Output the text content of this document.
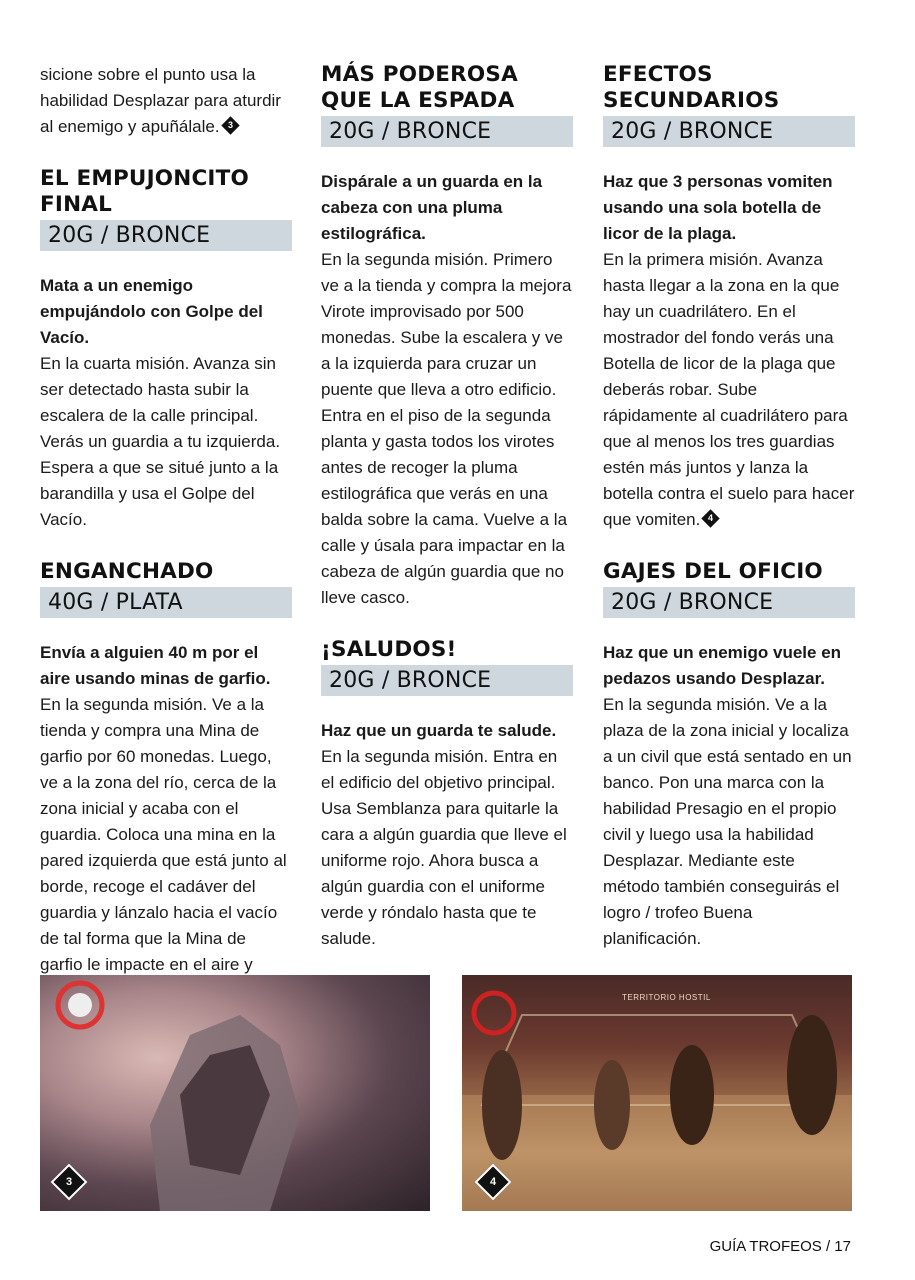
sicione sobre el punto usa la habilidad Desplazar para aturdir al enemigo y apuñálale. 3

EL EMPUJONCITO FINAL
20G / BRONCE

Mata a un enemigo empujándolo con Golpe del Vacío.

En la cuarta misión. Avanza sin ser detectado hasta subir la escalera de la calle principal. Verás un guardia a tu izquierda. Espera a que se situé junto a la barandilla y usa el Golpe del Vacío.

ENGANCHADO
40G / PLATA

Envía a alguien 40 m por el aire usando minas de garfio.

En la segunda misión. Ve a la tienda y compra una Mina de garfio por 60 monedas. Luego, ve a la zona del río, cerca de la zona inicial y acaba con el guardia. Coloca una mina en la pared izquierda que está junto al borde, recoge el cadáver del guardia y lánzalo hacia el vacío de tal forma que la Mina de garfio le impacte en el aire y

MÁS PODEROSA QUE LA ESPADA
20G / BRONCE

Dispárale a un guarda en la cabeza con una pluma estilográfica.

En la segunda misión. Primero ve a la tienda y compra la mejora Virote improvisado por 500 monedas. Sube la escalera y ve a la izquierda para cruzar un puente que lleva a otro edificio. Entra en el piso de la segunda planta y gasta todos los virotes antes de recoger la pluma estilográfica que verás en una balda sobre la cama. Vuelve a la calle y úsala para impactar en la cabeza de algún guardia que no lleve casco.

¡SALUDOS!
20G / BRONCE

Haz que un guarda te salude.

En la segunda misión. Entra en el edificio del objetivo principal. Usa Semblanza para quitarle la cara a algún guardia que lleve el uniforme rojo. Ahora busca a algún guardia con el uniforme verde y róndalo hasta que te salude.

EFECTOS SECUNDARIOS
20G / BRONCE

Haz que 3 personas vomiten usando una sola botella de licor de la plaga.

En la primera misión. Avanza hasta llegar a la zona en la que hay un cuadrilátero. En el mostrador del fondo verás una Botella de licor de la plaga que deberás robar. Sube rápidamente al cuadrilátero para que al menos los tres guardias estén más juntos y lanza la botella contra el suelo para hacer que vomiten. 4

GAJES DEL OFICIO
20G / BRONCE

Haz que un enemigo vuele en pedazos usando Desplazar.

En la segunda misión. Ve a la plaza de la zona inicial y localiza a un civil que está sentado en un banco. Pon una marca con la habilidad Presagio en el propio civil y luego usa la habilidad Desplazar. Mediante este método también conseguirás el logro / trofeo Buena planificación.

3
TERRITORIO HOSTIL
4
GUÍA TROFEOS / 17
